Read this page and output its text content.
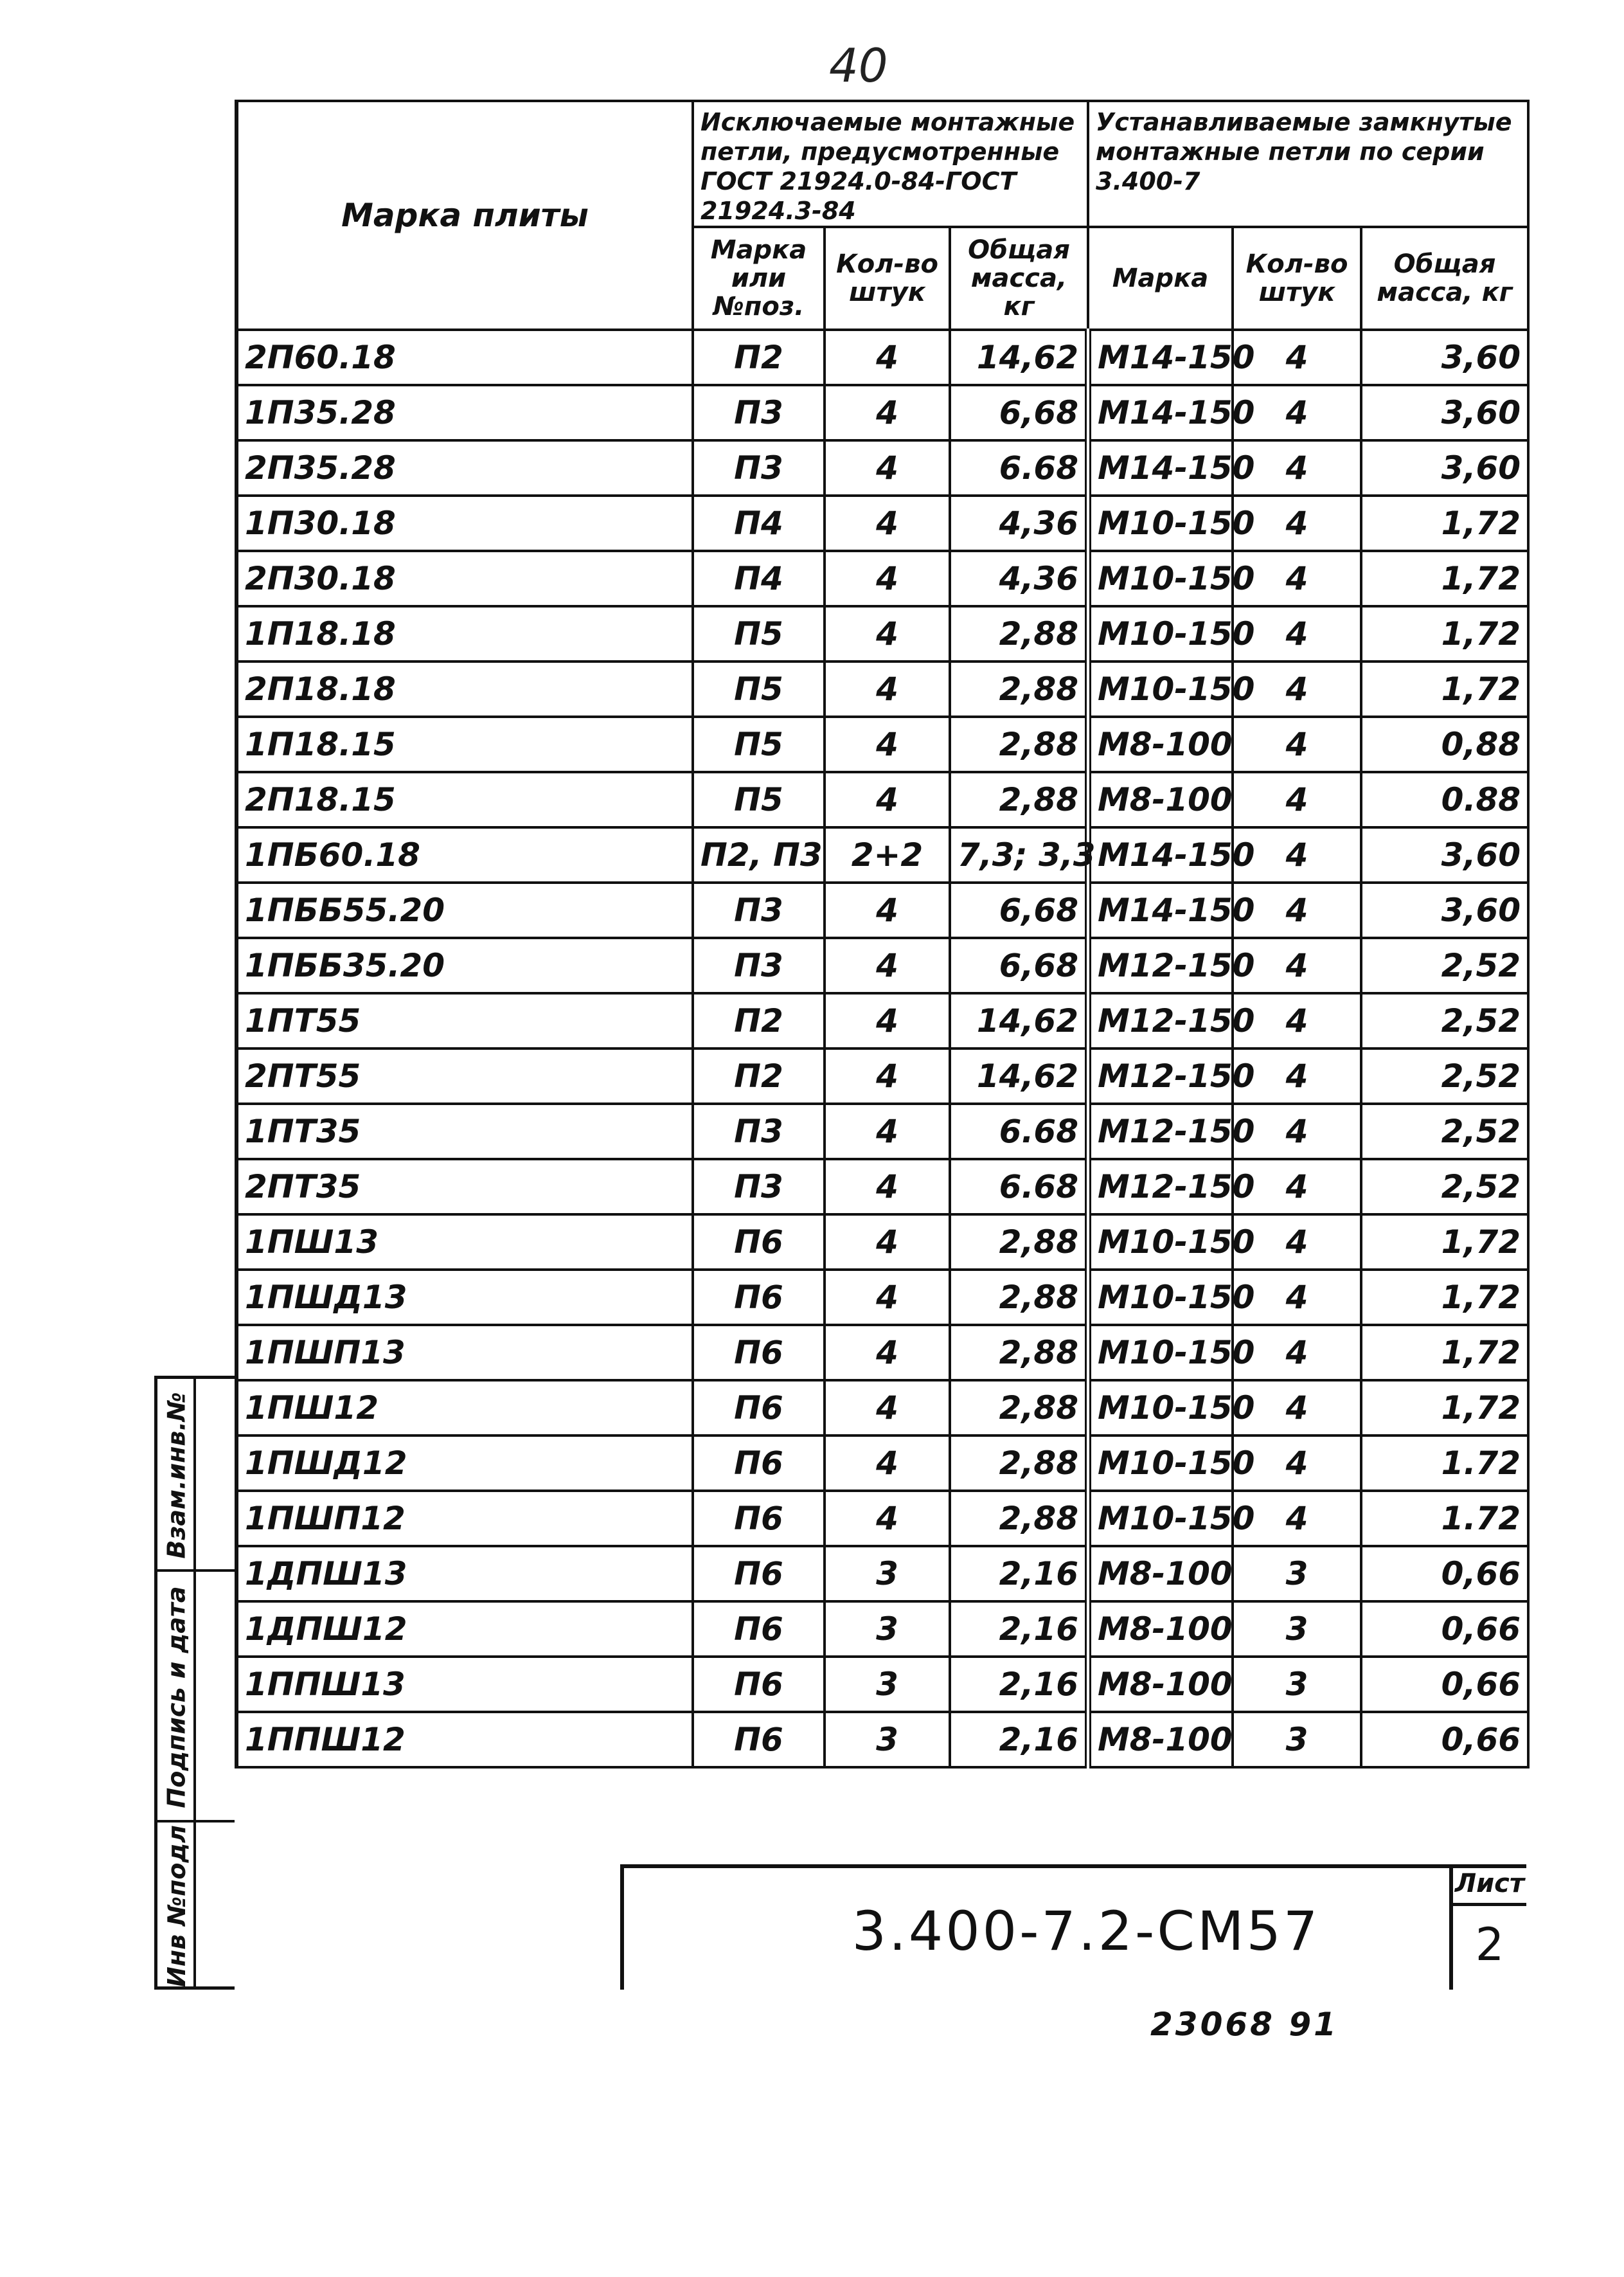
40
Марка плиты	Исключаемые монтажные петли, предусмотренные ГОСТ 21924.0-84-ГОСТ 21924.3-84			Устанавливаемые замкнутые монтажные петли по серии 3.400-7		
	Марка или №поз.	Кол-во штук	Общая масса, кг	Марка	Кол-во штук	Общая масса, кг
2П60.18	П2	4	14,62	М14-150	4	3,60
1П35.28	П3	4	6,68	М14-150	4	3,60
2П35.28	П3	4	6.68	М14-150	4	3,60
1П30.18	П4	4	4,36	М10-150	4	1,72
2П30.18	П4	4	4,36	М10-150	4	1,72
1П18.18	П5	4	2,88	М10-150	4	1,72
2П18.18	П5	4	2,88	М10-150	4	1,72
1П18.15	П5	4	2,88	М8-100	4	0,88
2П18.15	П5	4	2,88	М8-100	4	0.88
1ПБ60.18	П2, П3	2+2	7,3; 3,3	М14-150	4	3,60
1ПББ55.20	П3	4	6,68	М14-150	4	3,60
1ПББ35.20	П3	4	6,68	М12-150	4	2,52
1ПТ55	П2	4	14,62	М12-150	4	2,52
2ПТ55	П2	4	14,62	М12-150	4	2,52
1ПТ35	П3	4	6.68	М12-150	4	2,52
2ПТ35	П3	4	6.68	М12-150	4	2,52
1ПШ13	П6	4	2,88	М10-150	4	1,72
1ПШД13	П6	4	2,88	М10-150	4	1,72
1ПШП13	П6	4	2,88	М10-150	4	1,72
1ПШ12	П6	4	2,88	М10-150	4	1,72
1ПШД12	П6	4	2,88	М10-150	4	1.72
1ПШП12	П6	4	2,88	М10-150	4	1.72
1ДПШ13	П6	3	2,16	М8-100	3	0,66
1ДПШ12	П6	3	2,16	М8-100	3	0,66
1ППШ13	П6	3	2,16	М8-100	3	0,66
1ППШ12	П6	3	2,16	М8-100	3	0,66
3.400-7.2-СМ57
Лист
2
Взам.инв.№
Подпись и дата
Инв №подл
23068 91
